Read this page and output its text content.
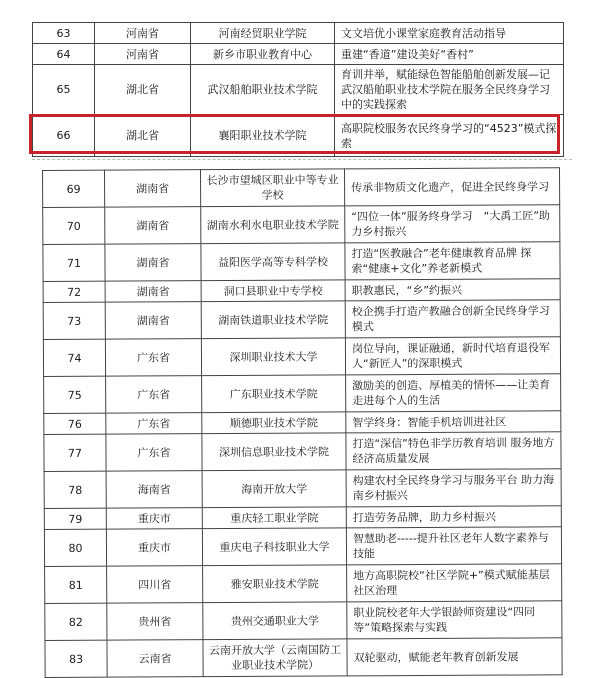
63	河南省	河南经贸职业学院	文文培优小课堂家庭教育活动指导
64	河南省	新乡市职业教育中心	重建“香道”建设美好“香村”
65	湖北省	武汉船舶职业技术学院	育训并举，赋能绿色智能船舶创新发展—记武汉船舶职业技术学院在服务全民终身学习中的实践探索
66	湖北省	襄阳职业技术学院	高职院校服务农民终身学习的“4523”模式探索
69	湖南省	长沙市望城区职业中等专业学校	传承非物质文化遗产，促进全民终身学习
70	湖南省	湖南水利水电职业技术学院	“四位一体”服务终身学习　“大禹工匠”助力乡村振兴
71	湖南省	益阳医学高等专科学校	打造“医教融合”老年健康教育品牌 探索“健康+文化”养老新模式
72	湖南省	洞口县职业中专学校	职教惠民，“乡”约振兴
73	湖南省	湖南铁道职业技术学院	校企携手打造产教融合创新全民终身学习模式
74	广东省	深圳职业技术大学	岗位导向，课证融通，新时代培育退役军人“新匠人”的深职模式
75	广东省	广东职业技术学院	激励美的创造、厚植美的情怀——让美育走进每个人的生活
76	广东省	顺德职业技术学院	智学终身：智能手机培训进社区
77	广东省	深圳信息职业技术学院	打造“深信”特色非学历教育培训 服务地方经济高质量发展
78	海南省	海南开放大学	构建农村全民终身学习与服务平台 助力海南乡村振兴
79	重庆市	重庆轻工职业学院	打造劳务品牌，助力乡村振兴
80	重庆市	重庆电子科技职业大学	智慧助老-----提升社区老年人数字素养与技能
81	四川省	雅安职业技术学院	地方高职院校“社区学院+”模式赋能基层社区治理
82	贵州省	贵州交通职业大学	职业院校老年大学银龄师资建设“四同等”策略探索与实践
83	云南省	云南开放大学（云南国防工业职业技术学院）	双轮驱动，赋能老年教育创新发展
